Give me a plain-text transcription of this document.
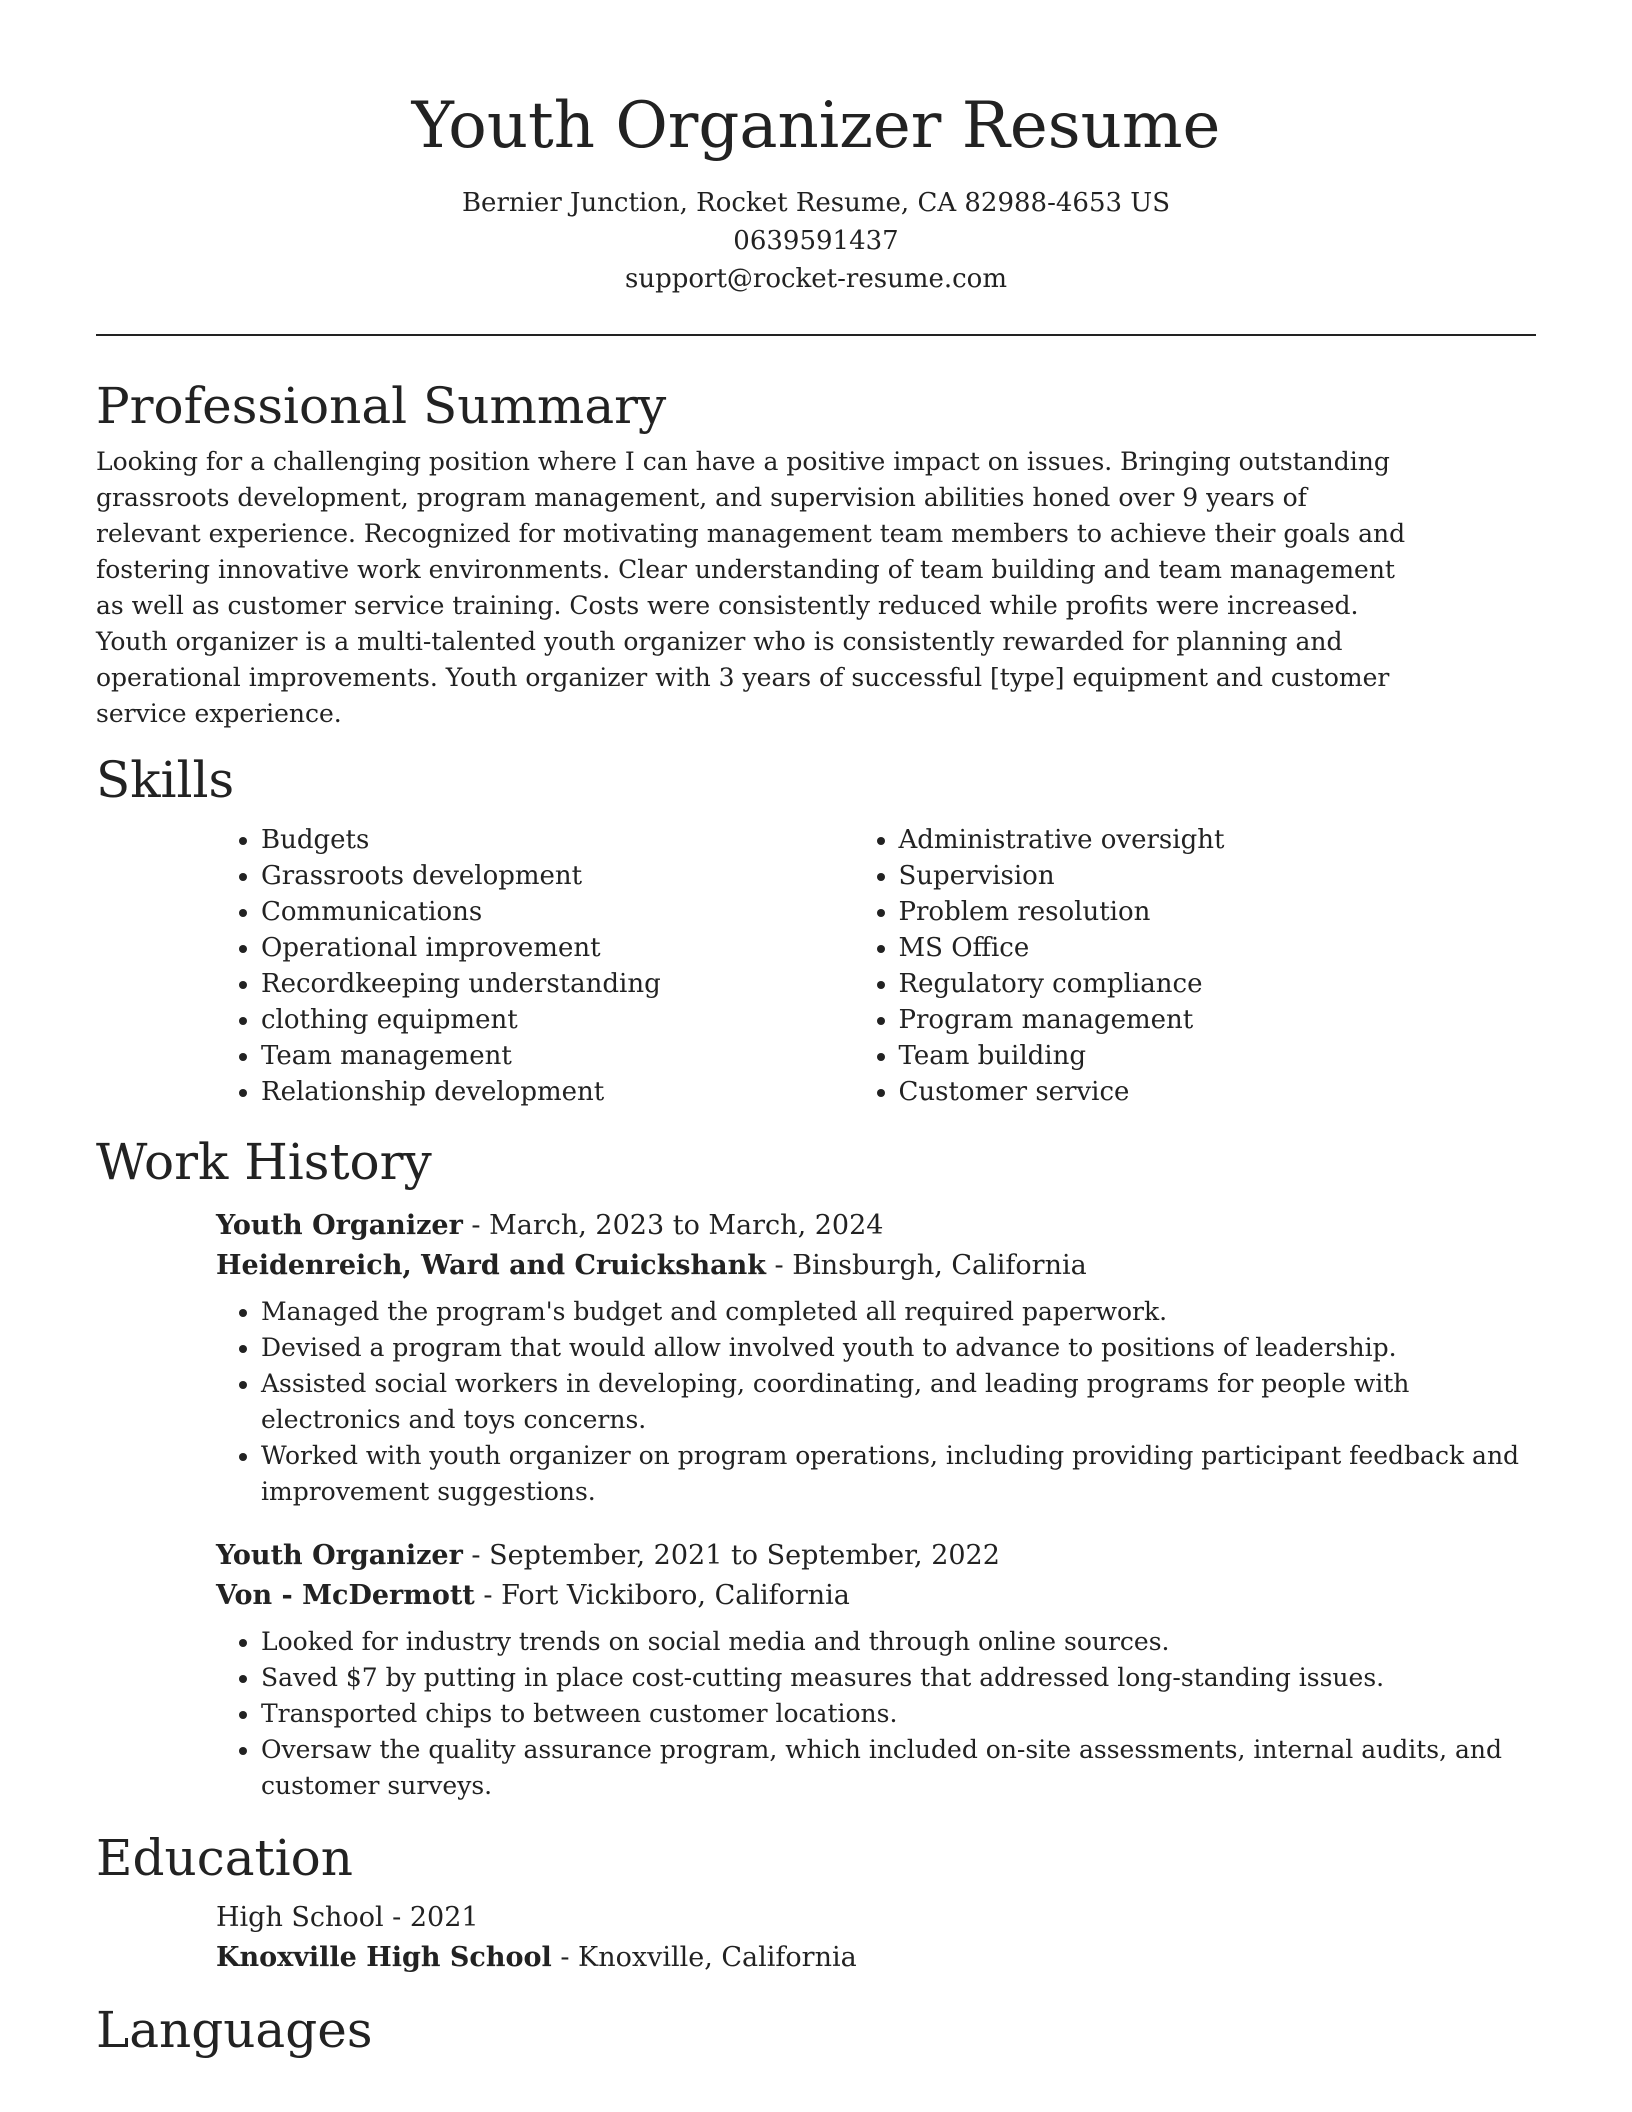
Youth Organizer Resume
Bernier Junction, Rocket Resume, CA 82988-4653 US
0639591437
support@rocket-resume.com
Professional Summary

Looking for a challenging position where I can have a positive impact on issues. Bringing outstanding grassroots development, program management, and supervision abilities honed over 9 years of relevant experience. Recognized for motivating management team members to achieve their goals and fostering innovative work environments. Clear understanding of team building and team management as well as customer service training. Costs were consistently reduced while profits were increased. Youth organizer is a multi-talented youth organizer who is consistently rewarded for planning and operational improvements. Youth organizer with 3 years of successful [type] equipment and customer service experience.

Skills
• Budgets
• Grassroots development
• Communications
• Operational improvement
• Recordkeeping understanding
• clothing equipment
• Team management
• Relationship development
• Administrative oversight
• Supervision
• Problem resolution
• MS Office
• Regulatory compliance
• Program management
• Team building
• Customer service
Work History
Youth Organizer - March, 2023 to March, 2024
Heidenreich, Ward and Cruickshank - Binsburgh, California
• Managed the program's budget and completed all required paperwork.
• Devised a program that would allow involved youth to advance to positions of leadership.
• Assisted social workers in developing, coordinating, and leading programs for people with electronics and toys concerns.
• Worked with youth organizer on program operations, including providing participant feedback and improvement suggestions.
Youth Organizer - September, 2021 to September, 2022
Von - McDermott - Fort Vickiboro, California
• Looked for industry trends on social media and through online sources.
• Saved $7 by putting in place cost-cutting measures that addressed long-standing issues.
• Transported chips to between customer locations.
• Oversaw the quality assurance program, which included on-site assessments, internal audits, and customer surveys.
Education
High School - 2021
Knoxville High School - Knoxville, California
Languages
